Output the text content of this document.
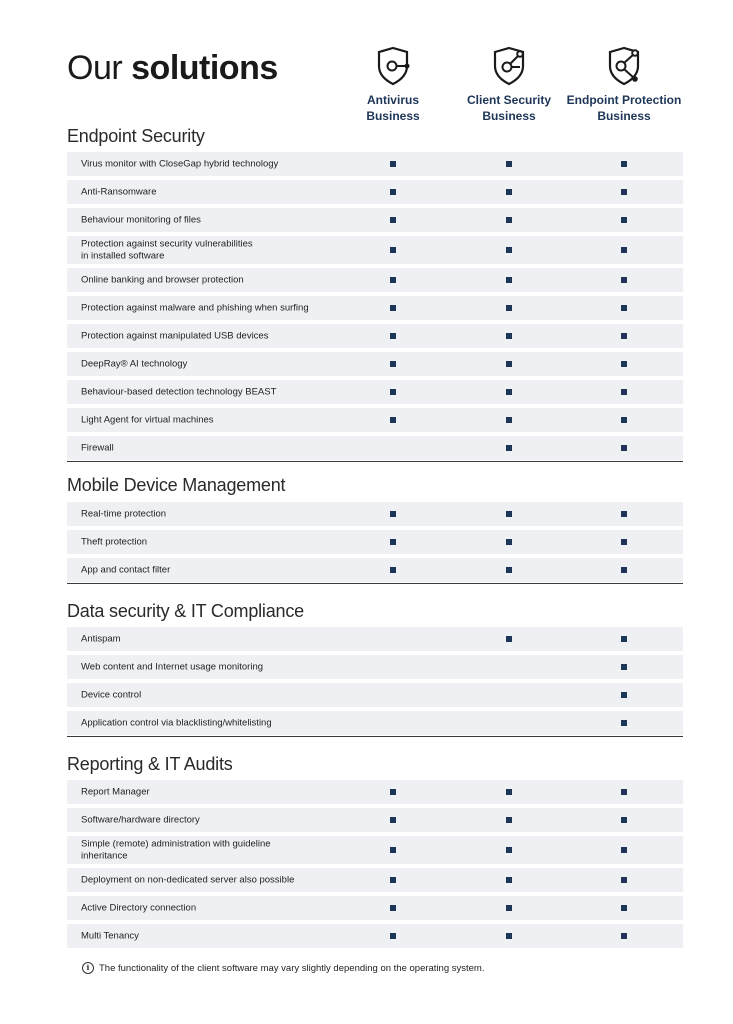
Our solutions
Antivirus
Business
Client Security
Business
Endpoint Protection
Business
Endpoint Security
Virus monitor with CloseGap hybrid technology
Anti-Ransomware
Behaviour monitoring of files
Protection against security vulnerabilities
in installed software
Online banking and browser protection
Protection against malware and phishing when surfing
Protection against manipulated USB devices
DeepRay® AI technology
Behaviour-based detection technology BEAST
Light Agent for virtual machines
Firewall
Mobile Device Management
Real-time protection
Theft protection
App and contact filter
Data security & IT Compliance
Antispam
Web content and Internet usage monitoring
Device control
Application control via blacklisting/whitelisting
Reporting & IT Audits
Report Manager
Software/hardware directory
Simple (remote) administration with guideline
inheritance
Deployment on non-dedicated server also possible
Active Directory connection
Multi Tenancy
i	The functionality of the client software may vary slightly depending on the operating system.
